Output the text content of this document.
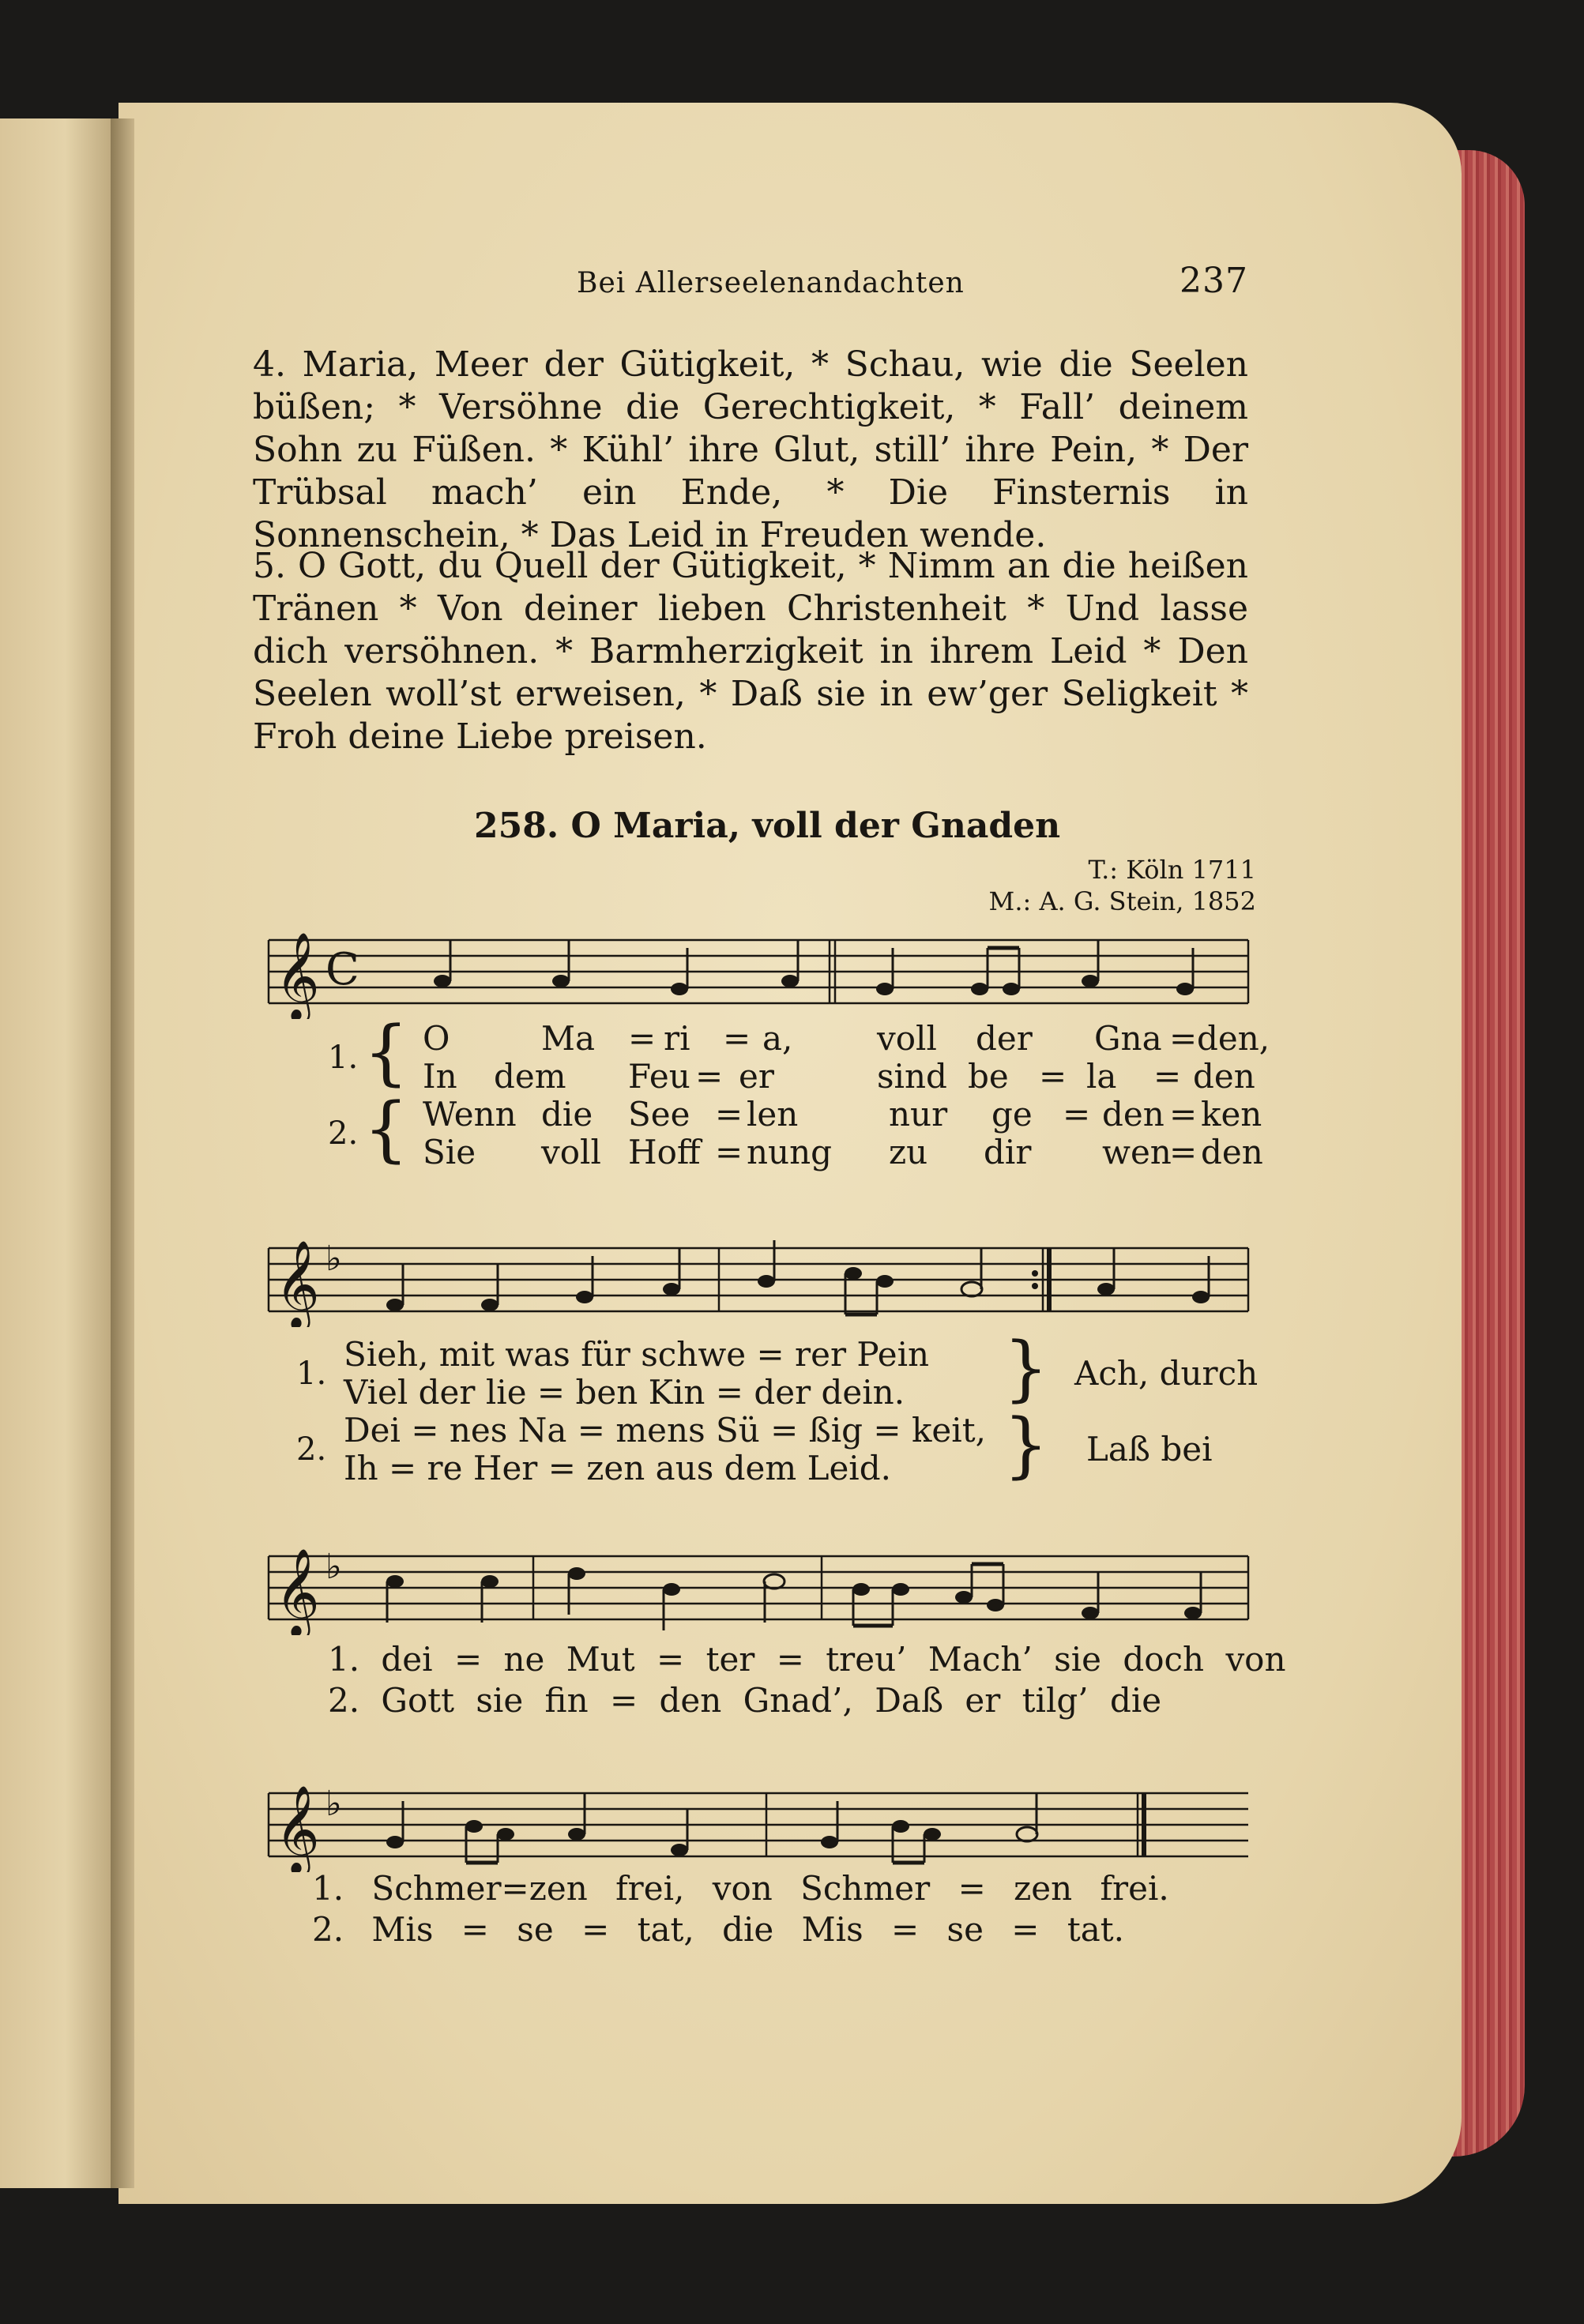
Bei Allerseelenandachten	237
4. Maria, Meer der Gütigkeit, * Schau, wie die Seelen büßen; * Versöhne die Gerechtigkeit, * Fall’ deinem Sohn zu Füßen. * Kühl’ ihre Glut, still’ ihre Pein, * Der Trübsal mach’ ein Ende, * Die Finsternis in Sonnenschein, * Das Leid in Freuden wende.
5. O Gott, du Quell der Gütigkeit, * Nimm an die heißen Tränen * Von deiner lieben Christenheit * Und lasse dich versöhnen. * Barmherzigkeit in ihrem Leid * Den Seelen woll’st erweisen, * Daß sie in ew’ger Seligkeit * Froh deine Liebe preisen.
258. O Maria, voll der Gnaden
T.: Köln 1711
M.: A. G. Stein, 1852
𝄞 C
1. {
2. {
O	Ma = ri = a,	voll der Gna = den,
In dem Feu = er	sind be = la = den
Wenn die See = len	nur ge = den = ken
Sie voll Hoff = nung zu dir wen
= den
𝄞 ♭
1.
2.
Sieh, mit was für schwe = rer Pein
Viel der lie = ben Kin = der dein.
Dei = nes Na = mens Sü = ßig = keit,
Ih = re Her = zen aus dem Leid.
}
}
Ach, durch
Laß bei
𝄞 ♭
1. dei = ne Mut = ter = treu’ Mach’ sie doch von
2. Gott sie fin = den Gnad’, Daß er tilg’ die
𝄞 ♭
1. Schmer=zen frei, von Schmer = zen frei.
2. Mis = se = tat, die Mis = se = tat.
